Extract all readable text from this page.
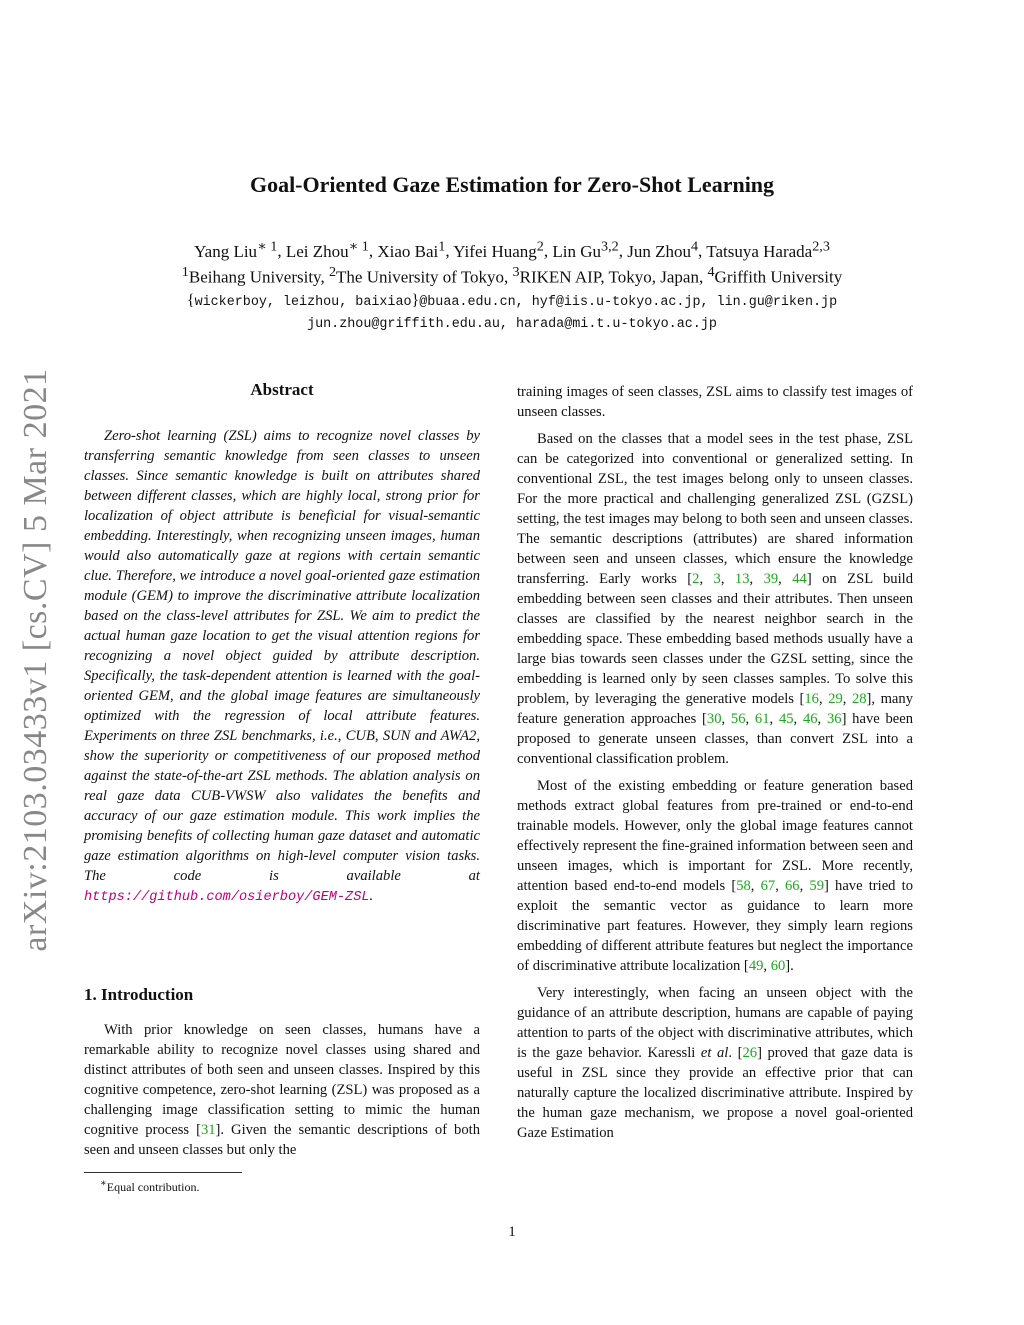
arXiv:2103.03433v1 [cs.CV] 5 Mar 2021
Goal-Oriented Gaze Estimation for Zero-Shot Learning
Yang Liu$^{∗ 1}$, Lei Zhou$^{∗ 1}$, Xiao Bai$^1$, Yifei Huang$^2$, Lin Gu$^{3,2}$, Jun Zhou$^4$, Tatsuya Harada$^{2,3}$
$^1$Beihang University, $^2$The University of Tokyo, $^3$RIKEN AIP, Tokyo, Japan, $^4$Griffith University
{wickerboy, leizhou, baixiao}@buaa.edu.cn, hyf@iis.u-tokyo.ac.jp, lin.gu@riken.jp
jun.zhou@griffith.edu.au, harada@mi.t.u-tokyo.ac.jp
Abstract

Zero-shot learning (ZSL) aims to recognize novel classes by transferring semantic knowledge from seen classes to unseen classes. Since semantic knowledge is built on attributes shared between different classes, which are highly local, strong prior for localization of object attribute is beneficial for visual-semantic embedding. Interestingly, when recognizing unseen images, human would also automatically gaze at regions with certain semantic clue. Therefore, we introduce a novel goal-oriented gaze estimation module (GEM) to improve the discriminative attribute localization based on the class-level attributes for ZSL. We aim to predict the actual human gaze location to get the visual attention regions for recognizing a novel object guided by attribute description. Specifically, the task-dependent attention is learned with the goal-oriented GEM, and the global image features are simultaneously optimized with the regression of local attribute features. Experiments on three ZSL benchmarks, i.e., CUB, SUN and AWA2, show the superiority or competitiveness of our proposed method against the state-of-the-art ZSL methods. The ablation analysis on real gaze data CUB-VWSW also validates the benefits and accuracy of our gaze estimation module. This work implies the promising benefits of collecting human gaze dataset and automatic gaze estimation algorithms on high-level computer vision tasks. The code is available at https://github.com/osierboy/GEM-ZSL.

1. Introduction

With prior knowledge on seen classes, humans have a remarkable ability to recognize novel classes using shared and distinct attributes of both seen and unseen classes. Inspired by this cognitive competence, zero-shot learning (ZSL) was proposed as a challenging image classification setting to mimic the human cognitive process [31]. Given the semantic descriptions of both seen and unseen classes but only the

training images of seen classes, ZSL aims to classify test images of unseen classes.

Based on the classes that a model sees in the test phase, ZSL can be categorized into conventional or generalized setting. In conventional ZSL, the test images belong only to unseen classes. For the more practical and challenging generalized ZSL (GZSL) setting, the test images may belong to both seen and unseen classes. The semantic descriptions (attributes) are shared information between seen and unseen classes, which ensure the knowledge transferring. Early works [2, 3, 13, 39, 44] on ZSL build embedding between seen classes and their attributes. Then unseen classes are classified by the nearest neighbor search in the embedding space. These embedding based methods usually have a large bias towards seen classes under the GZSL setting, since the embedding is learned only by seen classes samples. To solve this problem, by leveraging the generative models [16, 29, 28], many feature generation approaches [30, 56, 61, 45, 46, 36] have been proposed to generate unseen classes, than convert ZSL into a conventional classification problem.

Most of the existing embedding or feature generation based methods extract global features from pre-trained or end-to-end trainable models. However, only the global image features cannot effectively represent the fine-grained information between seen and unseen images, which is important for ZSL. More recently, attention based end-to-end models [58, 67, 66, 59] have tried to exploit the semantic vector as guidance to learn more discriminative part features. However, they simply learn regions embedding of different attribute features but neglect the importance of discriminative attribute localization [49, 60].

Very interestingly, when facing an unseen object with the guidance of an attribute description, humans are capable of paying attention to parts of the object with discriminative attributes, which is the gaze behavior. Karessli et al. [26] proved that gaze data is useful in ZSL since they provide an effective prior that can naturally capture the localized discriminative attribute. Inspired by the human gaze mechanism, we propose a novel goal-oriented Gaze Estimation

∗Equal contribution.
1
